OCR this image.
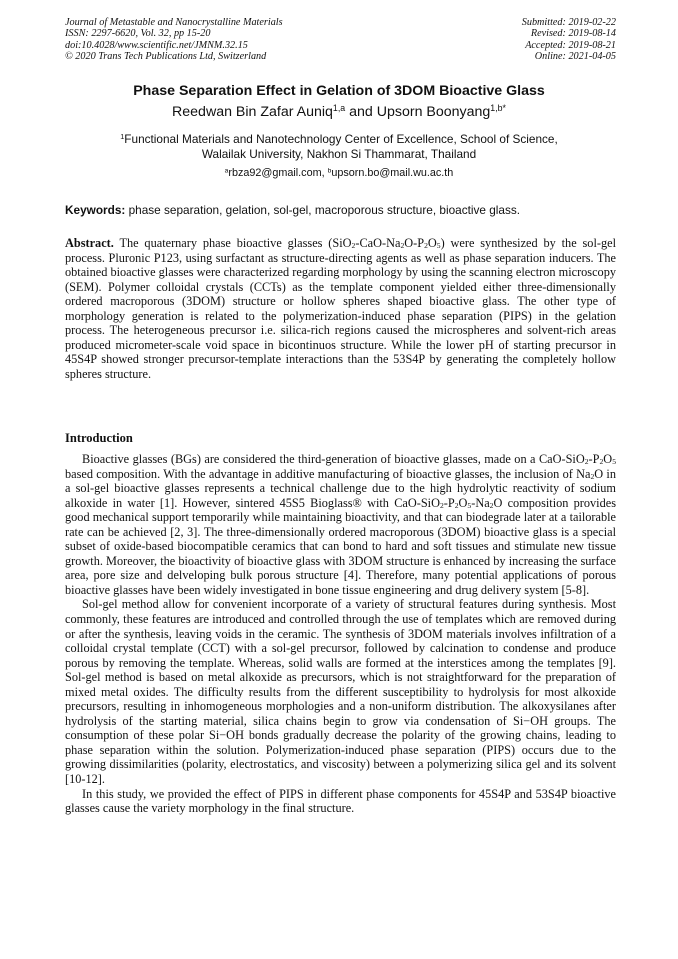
Journal of Metastable and Nanocrystalline Materials
ISSN: 2297-6620, Vol. 32, pp 15-20
doi:10.4028/www.scientific.net/JMNM.32.15
© 2020 Trans Tech Publications Ltd, Switzerland
Submitted: 2019-02-22
Revised: 2019-08-14
Accepted: 2019-08-21
Online: 2021-04-05
Phase Separation Effect in Gelation of 3DOM Bioactive Glass
Reedwan Bin Zafar Auniq$^{1,a}$ and Upsorn Boonyang$^{1,b*}$
$^1$Functional Materials and Nanotechnology Center of Excellence, School of Science,
Walailak University, Nakhon Si Thammarat, Thailand
$^a$rbza92@gmail.com, $^b$upsorn.bo@mail.wu.ac.th
Keywords: phase separation, gelation, sol-gel, macroporous structure, bioactive glass.

Abstract. The quaternary phase bioactive glasses $(SiO_2-CaO-Na_2O-P_2O_5)$ were synthesized by the sol-gel process. Pluronic P123, using surfactant as structure-directing agents as well as phase separation inducers. The obtained bioactive glasses were characterized regarding morphology by using the scanning electron microscopy (SEM). Polymer colloidal crystals (CCTs) as the template component yielded either three-dimensionally ordered macroporous (3DOM) structure or hollow spheres shaped bioactive glass. The other type of morphology generation is related to the polymerization-induced phase separation (PIPS) in the gelation process. The heterogeneous precursor i.e. silica-rich regions caused the microspheres and solvent-rich areas produced micrometer-scale void space in bicontinuos structure. While the lower pH of starting precursor in 45S4P showed stronger precursor-template interactions than the 53S4P by generating the completely hollow spheres structure.

Introduction

Bioactive glasses (BGs) are considered the third-generation of bioactive glasses, made on a CaO-$SiO_2-P_2O_5$ based composition. With the advantage in additive manufacturing of bioactive glasses, the inclusion of $Na_2O$ in a sol-gel bioactive glasses represents a technical challenge due to the high hydrolytic reactivity of sodium alkoxide in water [1]. However, sintered 45S5 Bioglass® with CaO-$SiO_2-P_2O_5-Na_2O$ composition provides good mechanical support temporarily while maintaining bioactivity, and that can biodegrade later at a tailorable rate can be achieved [2, 3]. The three-dimensionally ordered macroporous (3DOM) bioactive glass is a special subset of oxide-based biocompatible ceramics that can bond to hard and soft tissues and stimulate new tissue growth. Moreover, the bioactivity of bioactive glass with 3DOM structure is enhanced by increasing the surface area, pore size and delveloping bulk porous structure [4]. Therefore, many potential applications of porous bioactive glasses have been widely investigated in bone tissue engineering and drug delivery system [5-8].

Sol-gel method allow for convenient incorporate of a variety of structural features during synthesis. Most commonly, these features are introduced and controlled through the use of templates which are removed during or after the synthesis, leaving voids in the ceramic. The synthesis of 3DOM materials involves infiltration of a colloidal crystal template (CCT) with a sol-gel precursor, followed by calcination to condense and produce porous by removing the template. Whereas, solid walls are formed at the interstices among the templates [9]. Sol-gel method is based on metal alkoxide as precursors, which is not straightforward for the preparation of mixed metal oxides. The difficulty results from the different susceptibility to hydrolysis for most alkoxide precursors, resulting in inhomogeneous morphologies and a non-uniform distribution. The alkoxysilanes after hydrolysis of the starting material, silica chains begin to grow via condensation of Si−OH groups. The consumption of these polar Si−OH bonds gradually decrease the polarity of the growing chains, leading to phase separation within the solution. Polymerization-induced phase separation (PIPS) occurs due to the growing dissimilarities (polarity, electrostatics, and viscosity) between a polymerizing silica gel and its solvent [10-12].

In this study, we provided the effect of PIPS in different phase components for 45S4P and 53S4P bioactive glasses cause the variety morphology in the final structure.
